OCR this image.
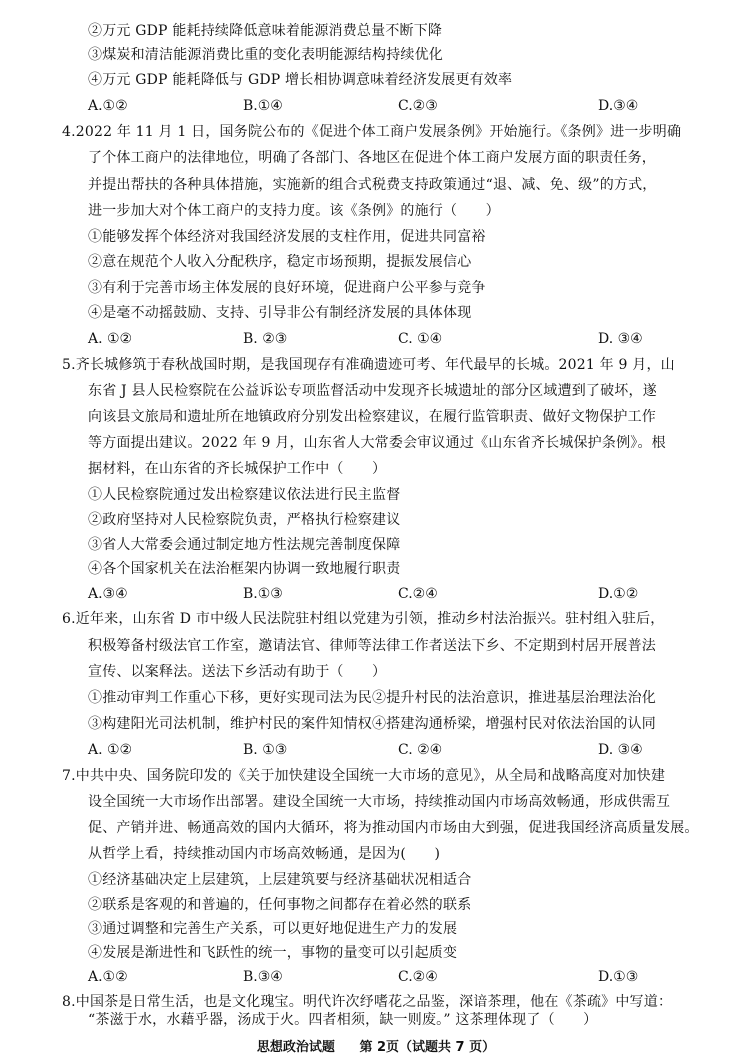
②万元 GDP 能耗持续降低意味着能源消费总量不断下降
③煤炭和清洁能源消费比重的变化表明能源结构持续优化
④万元 GDP 能耗降低与 GDP 增长相协调意味着经济发展更有效率
A.①②	B.①④	C.②③	D.③④
4.2022 年 11 月 1 日，国务院公布的《促进个体工商户发展条例》开始施行。《条例》进一步明确
了个体工商户的法律地位，明确了各部门、各地区在促进个体工商户发展方面的职责任务，
并提出帮扶的各种具体措施，实施新的组合式税费支持政策通过“退、减、免、级”的方式，
进一步加大对个体工商户的支持力度。该《条例》的施行（　　）
①能够发挥个体经济对我国经济发展的支柱作用，促进共同富裕
②意在规范个人收入分配秩序，稳定市场预期，提振发展信心
③有利于完善市场主体发展的良好环境，促进商户公平参与竞争
④是毫不动摇鼓励、支持、引导非公有制经济发展的具体体现
A. ①②	B. ②③	C. ①④	D. ③④
5.齐长城修筑于春秋战国时期，是我国现存有准确遗迹可考、年代最早的长城。2021 年 9 月，山
东省 J 县人民检察院在公益诉讼专项监督活动中发现齐长城遗址的部分区域遭到了破坏，遂
向该县文旅局和遗址所在地镇政府分别发出检察建议，在履行监管职责、做好文物保护工作
等方面提出建议。2022 年 9 月，山东省人大常委会审议通过《山东省齐长城保护条例》。根
据材料，在山东省的齐长城保护工作中（　　）
①人民检察院通过发出检察建议依法进行民主监督
②政府坚持对人民检察院负责，严格执行检察建议
③省人大常委会通过制定地方性法规完善制度保障
④各个国家机关在法治框架内协调一致地履行职责
A.③④	B.①③	C.②④	D.①②
6.近年来，山东省 D 市中级人民法院驻村组以党建为引领，推动乡村法治振兴。驻村组入驻后，
积极筹备村级法官工作室，邀请法官、律师等法律工作者送法下乡、不定期到村居开展普法
宣传、以案释法。送法下乡活动有助于（　　）
①推动审判工作重心下移，更好实现司法为民②提升村民的法治意识，推进基层治理法治化
③构建阳光司法机制，维护村民的案件知情权④搭建沟通桥梁，增强村民对依法治国的认同
A. ①②	B. ①③	C. ②④	D. ③④
7.中共中央、国务院印发的《关于加快建设全国统一大市场的意见》，从全局和战略高度对加快建
设全国统一大市场作出部署。建设全国统一大市场，持续推动国内市场高效畅通，形成供需互
促、产销并进、畅通高效的国内大循环，将为推动国内市场由大到强，促进我国经济高质量发展。
从哲学上看，持续推动国内市场高效畅通，是因为(　　)
①经济基础决定上层建筑，上层建筑要与经济基础状况相适合
②联系是客观的和普遍的，任何事物之间都存在着必然的联系
③通过调整和完善生产关系，可以更好地促进生产力的发展
④发展是渐进性和飞跃性的统一，事物的量变可以引起质变
A.①②	B.③④	C.②④	D.①③
8.中国茶是日常生活，也是文化瑰宝。明代许次纾嗜花之品鉴，深谙茶理，他在《茶疏》中写道：
“茶滋于水，水藉乎器，汤成于火。四者相须，缺一则废。” 这茶理体现了（　　）
思想政治试题 第 2页（试题共 7 页）
